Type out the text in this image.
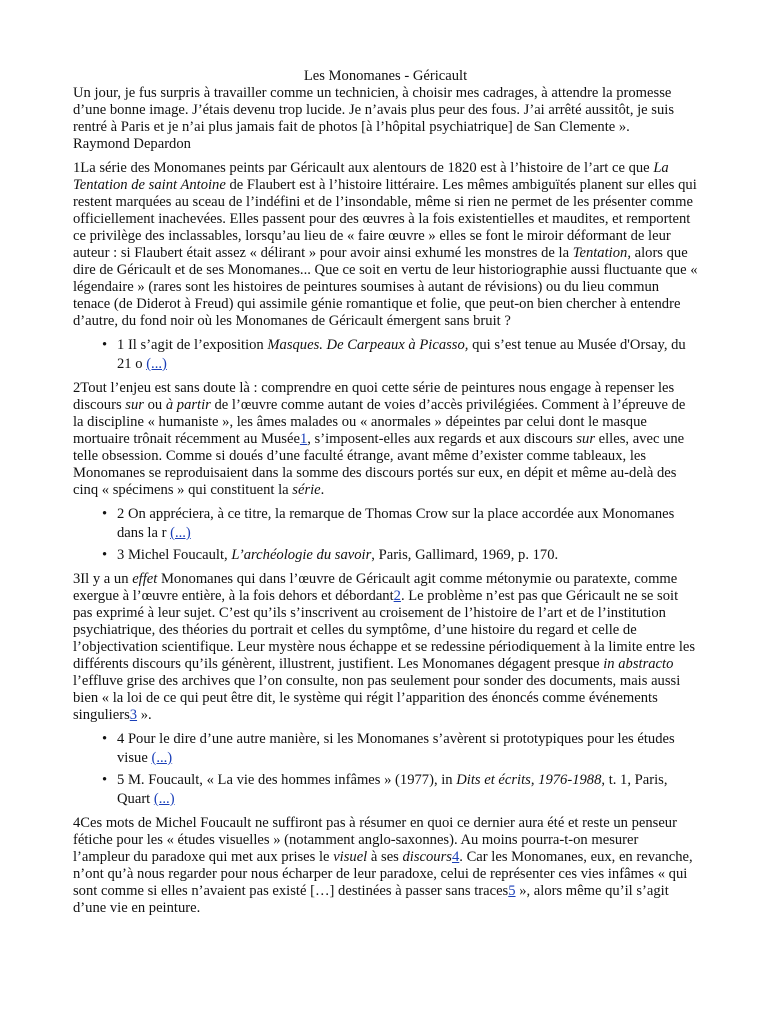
Les Monomanes - Géricault

Un jour, je fus surpris à travailler comme un technicien, à choisir mes cadrages, à attendre la promesse d’une bonne image. J’étais devenu trop lucide. Je n’avais plus peur des fous. J’ai arrêté aussitôt, je suis rentré à Paris et je n’ai plus jamais fait de photos [à l’hôpital psychiatrique] de San Clemente ».

Raymond Depardon

1La série des Monomanes peints par Géricault aux alentours de 1820 est à l’histoire de l’art ce que La Tentation de saint Antoine de Flaubert est à l’histoire littéraire. Les mêmes ambiguïtés planent sur elles qui restent marquées au sceau de l’indéfini et de l’insondable, même si rien ne permet de les présenter comme officiellement inachevées. Elles passent pour des œuvres à la fois existentielles et maudites, et remportent ce privilège des inclassables, lorsqu’au lieu de « faire œuvre » elles se font le miroir déformant de leur auteur : si Flaubert était assez « délirant » pour avoir ainsi exhumé les monstres de la Tentation, alors que dire de Géricault et de ses Monomanes... Que ce soit en vertu de leur historiographie aussi fluctuante que « légendaire » (rares sont les histoires de peintures soumises à autant de révisions) ou du lieu commun tenace (de Diderot à Freud) qui assimile génie romantique et folie, que peut-on bien chercher à entendre d’autre, du fond noir où les Monomanes de Géricault émergent sans bruit ?

• 1 Il s’agit de l’exposition Masques. De Carpeaux à Picasso, qui s’est tenue au Musée d'Orsay, du 21 o (...)

2Tout l’enjeu est sans doute là : comprendre en quoi cette série de peintures nous engage à repenser les discours sur ou à partir de l’œuvre comme autant de voies d’accès privilégiées. Comment à l’épreuve de la discipline « humaniste », les âmes malades ou « anormales » dépeintes par celui dont le masque mortuaire trônait récemment au Musée1, s’imposent-elles aux regards et aux discours sur elles, avec une telle obsession. Comme si doués d’une faculté étrange, avant même d’exister comme tableaux, les Monomanes se reproduisaient dans la somme des discours portés sur eux, en dépit et même au-delà des cinq « spécimens » qui constituent la série.

• 2 On appréciera, à ce titre, la remarque de Thomas Crow sur la place accordée aux Monomanes dans la r (...)
• 3 Michel Foucault, L’archéologie du savoir, Paris, Gallimard, 1969, p. 170.

3Il y a un effet Monomanes qui dans l’œuvre de Géricault agit comme métonymie ou paratexte, comme exergue à l’œuvre entière, à la fois dehors et débordant2. Le problème n’est pas que Géricault ne se soit pas exprimé à leur sujet. C’est qu’ils s’inscrivent au croisement de l’histoire de l’art et de l’institution psychiatrique, des théories du portrait et celles du symptôme, d’une histoire du regard et celle de l’objectivation scientifique. Leur mystère nous échappe et se redessine périodiquement à la limite entre les différents discours qu’ils génèrent, illustrent, justifient. Les Monomanes dégagent presque in abstracto l’effluve grise des archives que l’on consulte, non pas seulement pour sonder des documents, mais aussi bien « la loi de ce qui peut être dit, le système qui régit l’apparition des énoncés comme événements singuliers3 ».

• 4 Pour le dire d’une autre manière, si les Monomanes s’avèrent si prototypiques pour les études visue (...)
• 5 M. Foucault, « La vie des hommes infâmes » (1977), in Dits et écrits, 1976-1988, t. 1, Paris, Quart (...)

4Ces mots de Michel Foucault ne suffiront pas à résumer en quoi ce dernier aura été et reste un penseur fétiche pour les « études visuelles » (notamment anglo-saxonnes). Au moins pourra-t-on mesurer l’ampleur du paradoxe qui met aux prises le visuel à ses discours4. Car les Monomanes, eux, en revanche, n’ont qu’à nous regarder pour nous écharper de leur paradoxe, celui de représenter ces vies infâmes « qui sont comme si elles n’avaient pas existé […] destinées à passer sans traces5 », alors même qu’il s’agit d’une vie en peinture.
